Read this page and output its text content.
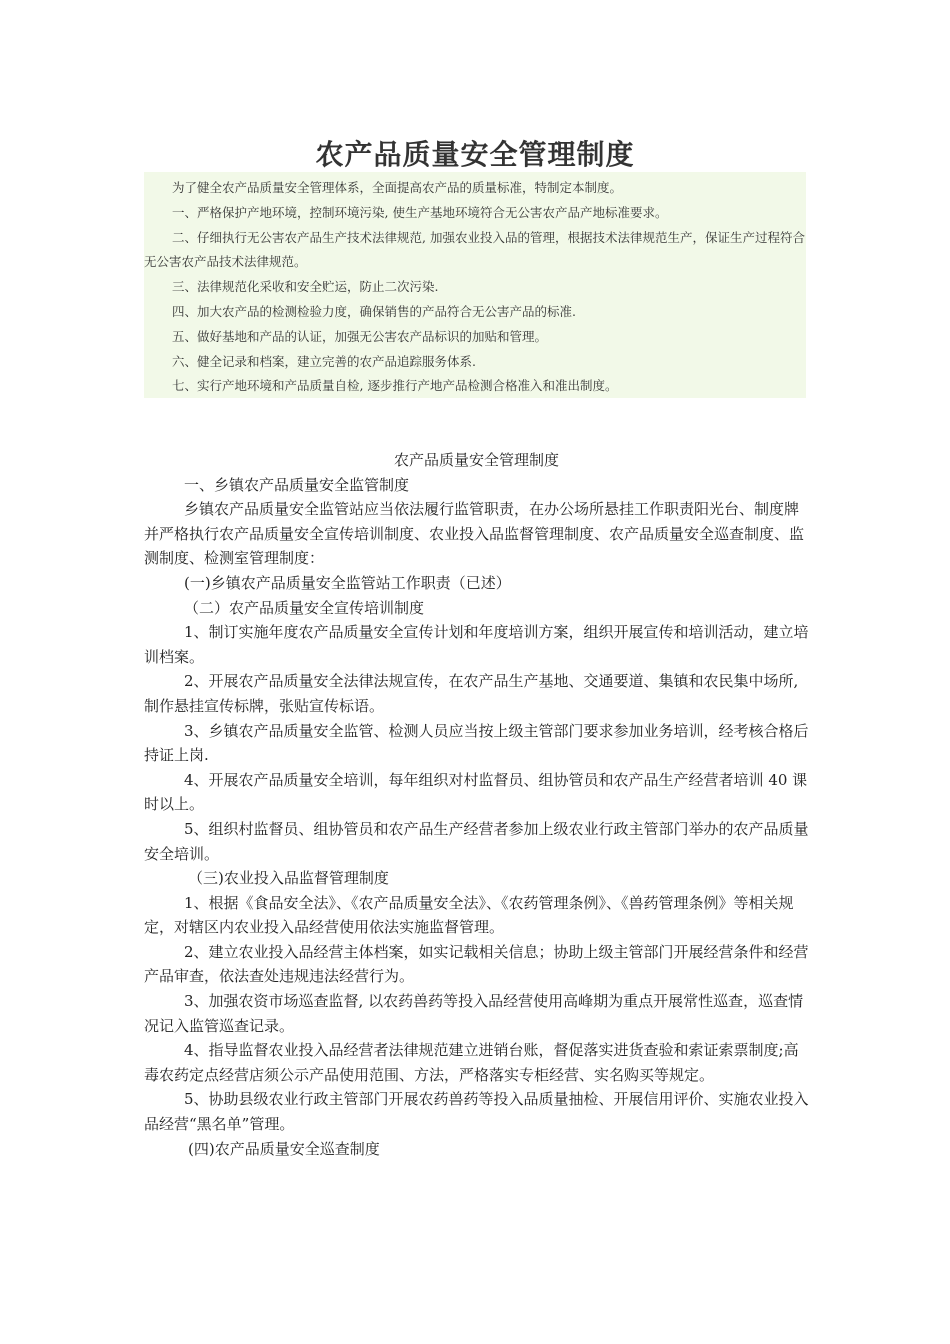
农产品质量安全管理制度

为了健全农产品质量安全管理体系，全面提高农产品的质量标准，特制定本制度。

一、严格保护产地环境，控制环境污染, 使生产基地环境符合无公害农产品产地标准要求。

二、仔细执行无公害农产品生产技术法律规范, 加强农业投入品的管理，根据技术法律规范生产，保证生产过程符合无公害农产品技术法律规范。

三、法律规范化采收和安全贮运，防止二次污染.

四、加大农产品的检测检验力度，确保销售的产品符合无公害产品的标准.

五、做好基地和产品的认证，加强无公害农产品标识的加贴和管理。

六、健全记录和档案，建立完善的农产品追踪服务体系.

七、实行产地环境和产品质量自检, 逐步推行产地产品检测合格准入和准出制度。

农产品质量安全管理制度

一、乡镇农产品质量安全监管制度

乡镇农产品质量安全监管站应当依法履行监管职责，在办公场所悬挂工作职责阳光台、制度牌并严格执行农产品质量安全宣传培训制度、农业投入品监督管理制度、农产品质量安全巡查制度、监测制度、检测室管理制度：

(一)乡镇农产品质量安全监管站工作职责（已述）

（二）农产品质量安全宣传培训制度

1、制订实施年度农产品质量安全宣传计划和年度培训方案，组织开展宣传和培训活动，建立培训档案。

2、开展农产品质量安全法律法规宣传，在农产品生产基地、交通要道、集镇和农民集中场所,制作悬挂宣传标牌，张贴宣传标语。

3、乡镇农产品质量安全监管、检测人员应当按上级主管部门要求参加业务培训，经考核合格后持证上岗.

4、开展农产品质量安全培训，每年组织对村监督员、组协管员和农产品生产经营者培训 40 课时以上。

5、组织村监督员、组协管员和农产品生产经营者参加上级农业行政主管部门举办的农产品质量安全培训。

（三)农业投入品监督管理制度

1、根据《食品安全法》、《农产品质量安全法》、《农药管理条例》、《兽药管理条例》等相关规定，对辖区内农业投入品经营使用依法实施监督管理。

2、建立农业投入品经营主体档案，如实记载相关信息；协助上级主管部门开展经营条件和经营产品审查，依法查处违规违法经营行为。

3、加强农资市场巡查监督, 以农药兽药等投入品经营使用高峰期为重点开展常性巡查，巡查情况记入监管巡查记录。

4、指导监督农业投入品经营者法律规范建立进销台账，督促落实进货查验和索证索票制度;高毒农药定点经营店须公示产品使用范围、方法，严格落实专柜经营、实名购买等规定。

5、协助县级农业行政主管部门开展农药兽药等投入品质量抽检、开展信用评价、实施农业投入品经营“黑名单”管理。

(四)农产品质量安全巡查制度
